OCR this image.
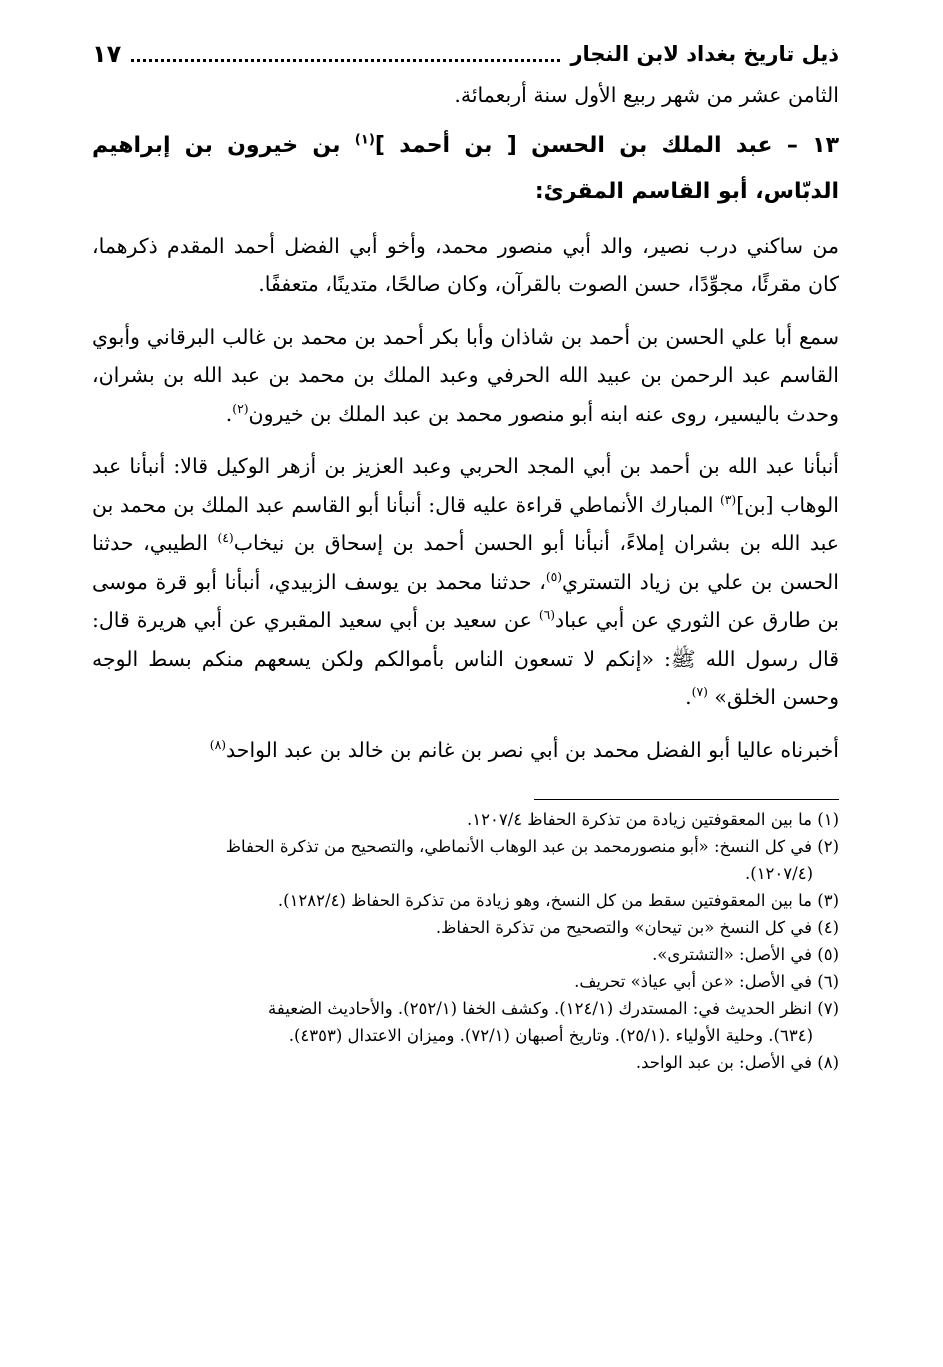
ذيل تاريخ بغداد لابن النجار
١٧
الثامن عشر من شهر ربيع الأول سنة أربعمائة.
١٣ – عبد الملك بن الحسن [ بن أحمد ]$^{(١)}$ بن خيرون بن إبراهيم الدبّاس، أبو القاسم المقرئ:
من ساكني درب نصير، والد أبي منصور محمد، وأخو أبي الفضل أحمد المقدم ذكرهما، كان مقرئًا، مجوِّدًا، حسن الصوت بالقرآن، وكان صالحًا، متدينًا، متعففًا.
سمع أبا علي الحسن بن أحمد بن شاذان وأبا بكر أحمد بن محمد بن غالب البرقاني وأبوي القاسم عبد الرحمن بن عبيد الله الحرفي وعبد الملك بن محمد بن عبد الله بن بشران، وحدث باليسير، روى عنه ابنه أبو منصور محمد بن عبد الملك بن خيرون$^{(٢)}$.
أنبأنا عبد الله بن أحمد بن أبي المجد الحربي وعبد العزيز بن أزهر الوكيل قالا: أنبأنا عبد الوهاب [بن]$^{(٣)}$ المبارك الأنماطي قراءة عليه قال: أنبأنا أبو القاسم عبد الملك بن محمد بن عبد الله بن بشران إملاءً، أنبأنا أبو الحسن أحمد بن إسحاق بن نيخاب$^{(٤)}$ الطيبي، حدثنا الحسن بن علي بن زياد التستري$^{(٥)}$، حدثنا محمد بن يوسف الزبيدي، أنبأنا أبو قرة موسى بن طارق عن الثوري عن أبي عباد$^{(٦)}$ عن سعيد بن أبي سعيد المقبري عن أبي هريرة قال: قال رسول الله ﷺ: «إنكم لا تسعون الناس بأموالكم ولكن يسعهم منكم بسط الوجه وحسن الخلق» $^{(٧)}$.
أخبرناه عاليا أبو الفضل محمد بن أبي نصر بن غانم بن خالد بن عبد الواحد$^{(٨)}$
(١) ما بين المعقوفتين زيادة من تذكرة الحفاظ ١٢٠٧/٤.
(٢) في كل النسخ: «أبو منصورمحمد بن عبد الوهاب الأنماطي، والتصحيح من تذكرة الحفاظ
(١٢٠٧/٤).
(٣) ما بين المعقوفتين سقط من كل النسخ، وهو زيادة من تذكرة الحفاظ (١٢٨٢/٤).
(٤) في كل النسخ «بن تيحان» والتصحيح من تذكرة الحفاظ.
(٥) في الأصل: «التشترى».
(٦) في الأصل: «عن أبي عياذ» تحريف.
(٧) انظر الحديث في: المستدرك (١٢٤/١). وكشف الخفا (٢٥٢/١). والأحاديث الضعيفة
(٦٣٤). وحلية الأولياء .(٢٥/١). وتاريخ أصبهان (٧٢/١). وميزان الاعتدال (٤٣٥٣).
(٨) في الأصل: بن عبد الواحد.
